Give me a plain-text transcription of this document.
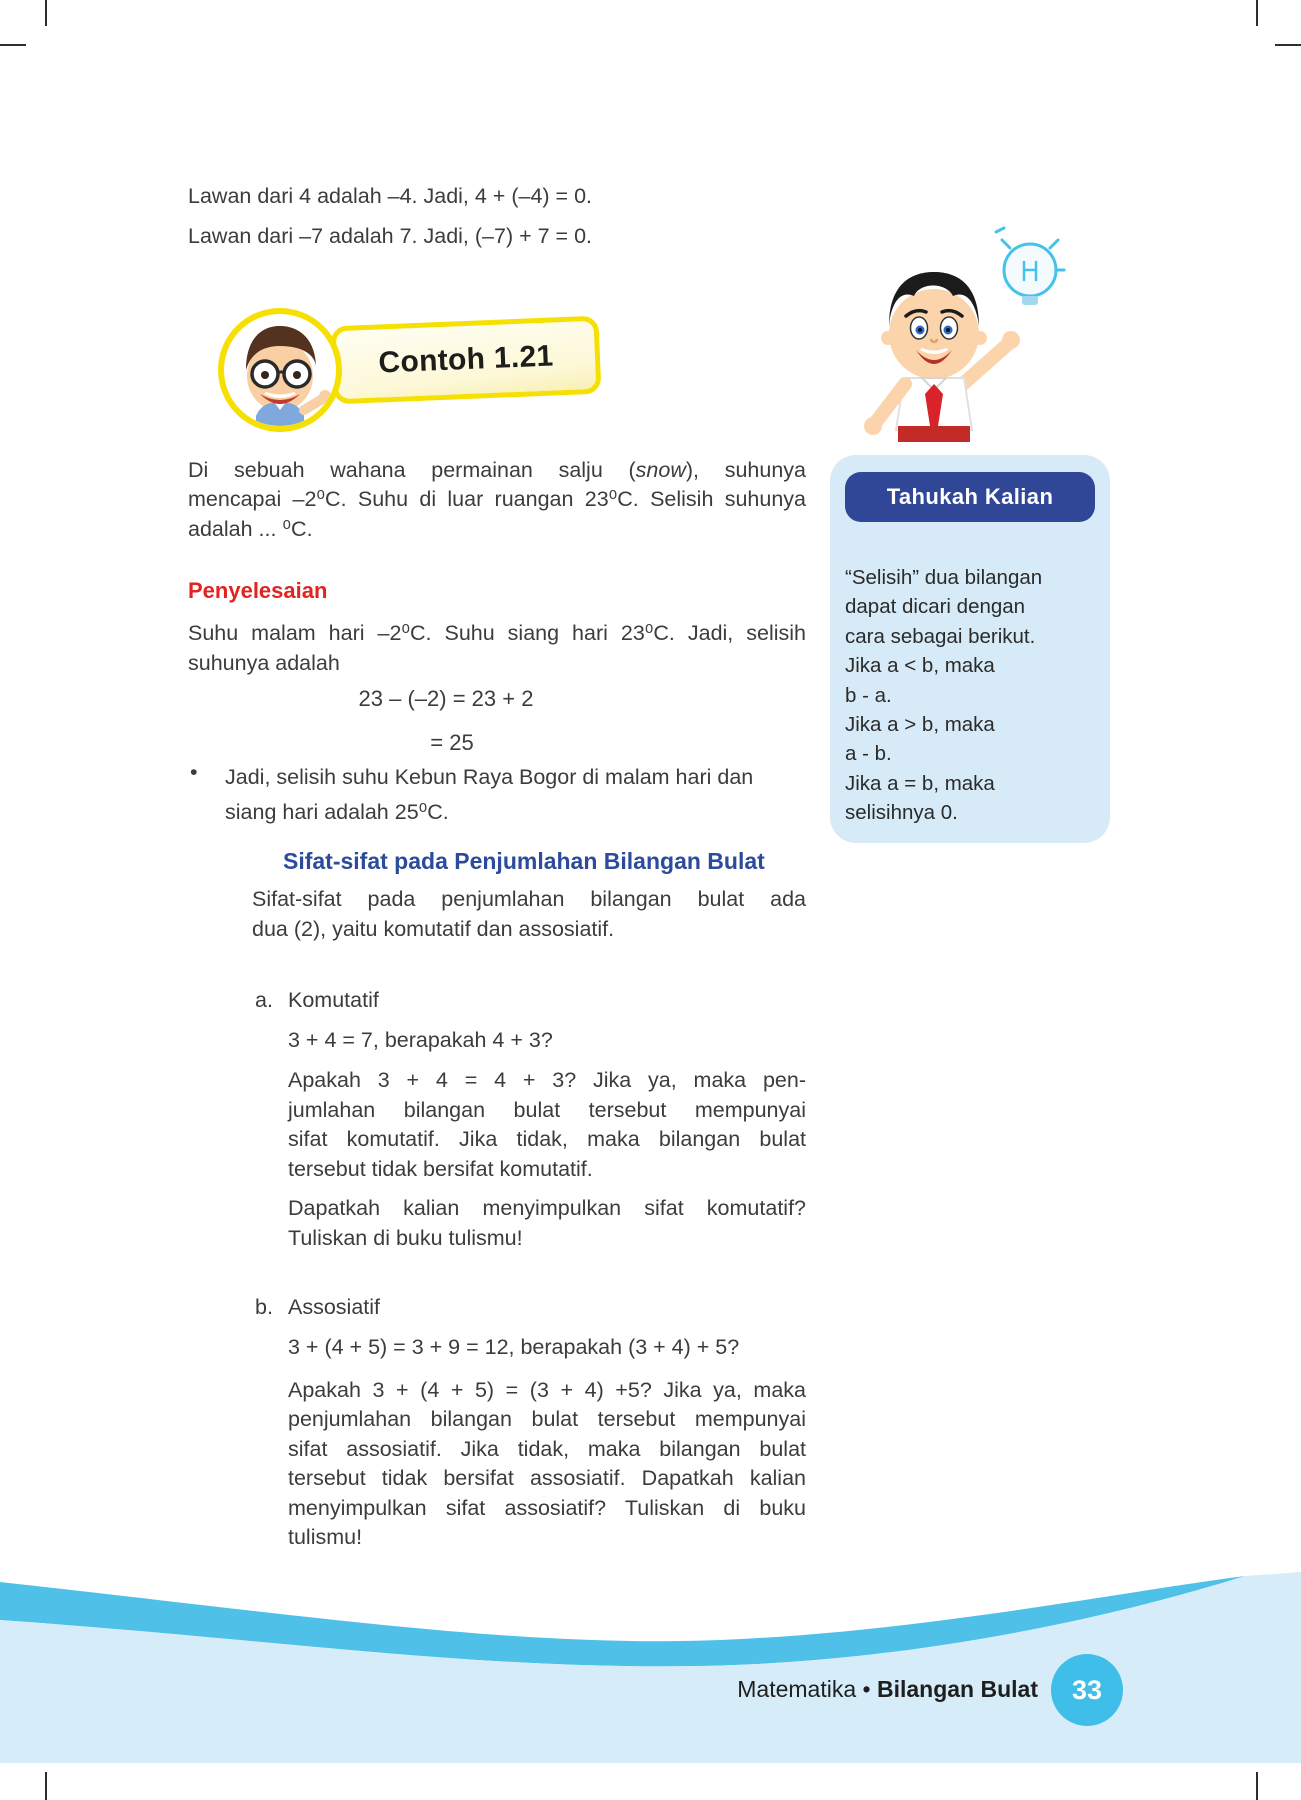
Lawan dari 4 adalah –4. Jadi, 4 + (–4) = 0.
Lawan dari –7 adalah 7. Jadi, (–7) + 7 = 0.
Contoh 1.21
Di sebuah wahana permainan salju (snow), suhunya
mencapai –2⁰C. Suhu di luar ruangan 23⁰C. Selisih suhunya
adalah ... ⁰C.
Penyelesaian
Suhu malam hari –2⁰C. Suhu siang hari 23⁰C. Jadi, selisih
suhunya adalah
23 – (–2) = 23 + 2
= 25
• Jadi, selisih suhu Kebun Raya Bogor di malam hari dan
siang hari adalah 25⁰C.
Sifat-sifat pada Penjumlahan Bilangan Bulat
Sifat-sifat pada penjumlahan bilangan bulat ada
dua (2), yaitu komutatif dan assosiatif.
a. Komutatif
3 + 4 = 7, berapakah 4 + 3?
Apakah 3 + 4 = 4 + 3? Jika ya, maka pen-
jumlahan bilangan bulat tersebut mempunyai
sifat komutatif. Jika tidak, maka bilangan bulat
tersebut tidak bersifat komutatif.
Dapatkah kalian menyimpulkan sifat komutatif?
Tuliskan di buku tulismu!
b. Assosiatif
3 + (4 + 5) = 3 + 9 = 12, berapakah (3 + 4) + 5?
Apakah 3 + (4 + 5) = (3 + 4) +5? Jika ya, maka
penjumlahan bilangan bulat tersebut mempunyai
sifat assosiatif. Jika tidak, maka bilangan bulat
tersebut tidak bersifat assosiatif. Dapatkah kalian
menyimpulkan sifat assosiatif? Tuliskan di buku
tulismu!
Tahukah Kalian
“Selisih” dua bilangan
dapat dicari dengan
cara sebagai berikut.
Jika a < b, maka
b - a.
Jika a > b, maka
a - b.
Jika a = b, maka
selisihnya 0.
Matematika • Bilangan Bulat 33
